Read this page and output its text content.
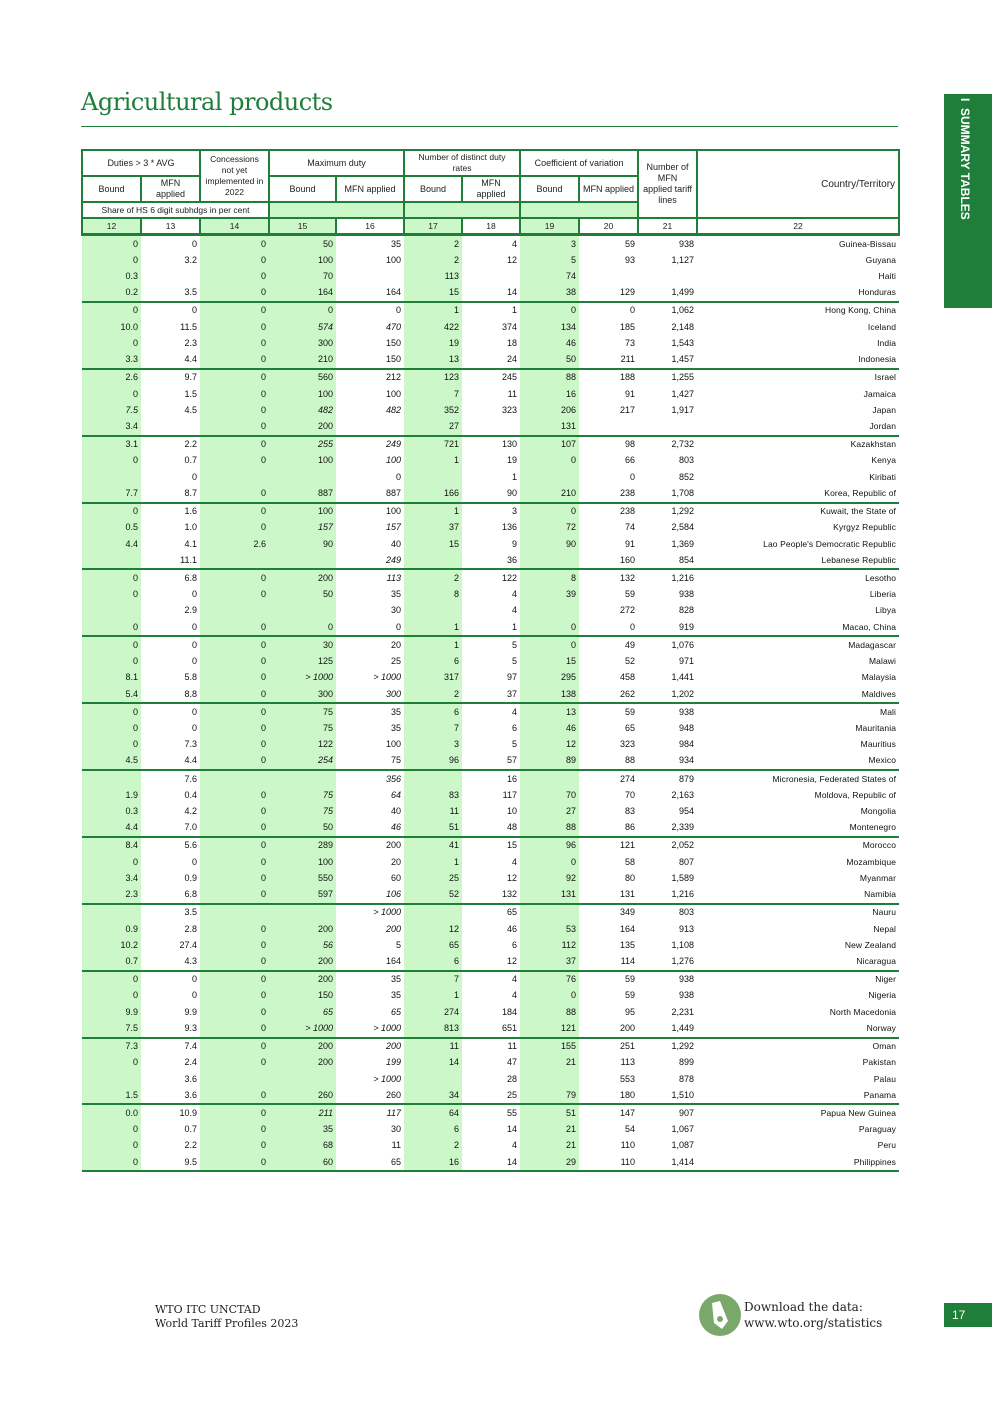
Agricultural products	I  SUMMARY TABLES
Duties > 3 * AVG		Concessions not yet implemented in 2022	Maximum duty		Number of distinct duty rates		Coefficient of variation		Number of MFN applied tariff lines	Country/Territory
Bound	MFN applied		Bound	MFN applied	Bound	MFN applied	Bound	MFN applied		
Share of HS 6 digit subhdgs in per cent										
12	13	14	15	16	17	18	19	20	21	22
0	0	0	50	35	2	4	3	59	938	Guinea-Bissau
0	3.2	0	100	100	2	12	5	93	1,127	Guyana
0.3		0	70		113		74			Haiti
0.2	3.5	0	164	164	15	14	38	129	1,499	Honduras
0	0	0	0	0	1	1	0	0	1,062	Hong Kong, China
10.0	11.5	0	574	470	422	374	134	185	2,148	Iceland
0	2.3	0	300	150	19	18	46	73	1,543	India
3.3	4.4	0	210	150	13	24	50	211	1,457	Indonesia
2.6	9.7	0	560	212	123	245	88	188	1,255	Israel
0	1.5	0	100	100	7	11	16	91	1,427	Jamaica
7.5	4.5	0	482	482	352	323	206	217	1,917	Japan
3.4		0	200		27		131			Jordan
3.1	2.2	0	255	249	721	130	107	98	2,732	Kazakhstan
0	0.7	0	100	100	1	19	0	66	803	Kenya
	0			0		1		0	852	Kiribati
7.7	8.7	0	887	887	166	90	210	238	1,708	Korea, Republic of
0	1.6	0	100	100	1	3	0	238	1,292	Kuwait, the State of
0.5	1.0	0	157	157	37	136	72	74	2,584	Kyrgyz Republic
4.4	4.1	2.6	90	40	15	9	90	91	1,369	Lao People's Democratic Republic
	11.1			249		36		160	854	Lebanese Republic
0	6.8	0	200	113	2	122	8	132	1,216	Lesotho
0	0	0	50	35	8	4	39	59	938	Liberia
	2.9			30		4		272	828	Libya
0	0	0	0	0	1	1	0	0	919	Macao, China
0	0	0	30	20	1	5	0	49	1,076	Madagascar
0	0	0	125	25	6	5	15	52	971	Malawi
8.1	5.8	0	> 1000	> 1000	317	97	295	458	1,441	Malaysia
5.4	8.8	0	300	300	2	37	138	262	1,202	Maldives
0	0	0	75	35	6	4	13	59	938	Mali
0	0	0	75	35	7	6	46	65	948	Mauritania
0	7.3	0	122	100	3	5	12	323	984	Mauritius
4.5	4.4	0	254	75	96	57	89	88	934	Mexico
	7.6			356		16		274	879	Micronesia, Federated States of
1.9	0.4	0	75	64	83	117	70	70	2,163	Moldova, Republic of
0.3	4.2	0	75	40	11	10	27	83	954	Mongolia
4.4	7.0	0	50	46	51	48	88	86	2,339	Montenegro
8.4	5.6	0	289	200	41	15	96	121	2,052	Morocco
0	0	0	100	20	1	4	0	58	807	Mozambique
3.4	0.9	0	550	60	25	12	92	80	1,589	Myanmar
2.3	6.8	0	597	106	52	132	131	131	1,216	Namibia
	3.5			> 1000		65		349	803	Nauru
0.9	2.8	0	200	200	12	46	53	164	913	Nepal
10.2	27.4	0	56	5	65	6	112	135	1,108	New Zealand
0.7	4.3	0	200	164	6	12	37	114	1,276	Nicaragua
0	0	0	200	35	7	4	76	59	938	Niger
0	0	0	150	35	1	4	0	59	938	Nigeria
9.9	9.9	0	65	65	274	184	88	95	2,231	North Macedonia
7.5	9.3	0	> 1000	> 1000	813	651	121	200	1,449	Norway
7.3	7.4	0	200	200	11	11	155	251	1,292	Oman
0	2.4	0	200	199	14	47	21	113	899	Pakistan
	3.6			> 1000		28		553	878	Palau
1.5	3.6	0	260	260	34	25	79	180	1,510	Panama
0.0	10.9	0	211	117	64	55	51	147	907	Papua New Guinea
0	0.7	0	35	30	6	14	21	54	1,067	Paraguay
0	2.2	0	68	11	2	4	21	110	1,087	Peru
0	9.5	0	60	65	16	14	29	110	1,414	Philippines
WTO ITC UNCTAD
World Tariff Profiles 2023
Download the data:
www.wto.org/statistics
17
